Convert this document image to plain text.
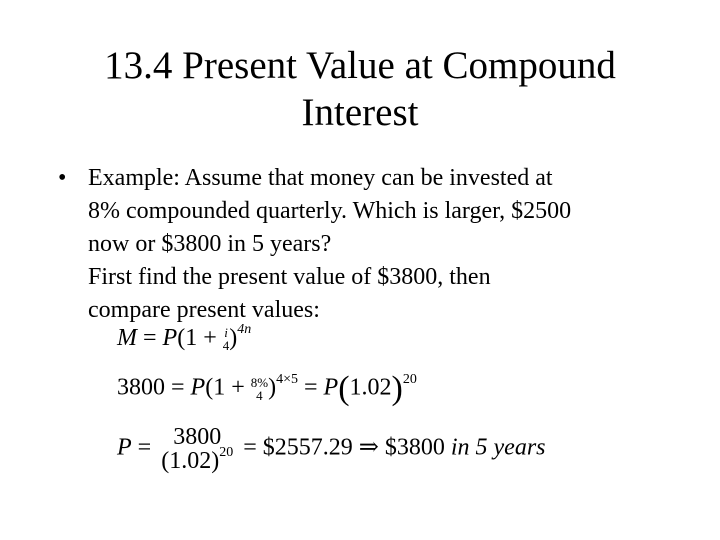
13.4 Present Value at Compound
Interest
• Example: Assume that money can be invested at
8% compounded quarterly. Which is larger, $2500
now or $3800 in 5 years?
First find the present value of $3800, then
compare present values:
M = P(1 + i
4 )$^{4n}$
3800 = P(1 + 8%
4 )$^{4\times 5} = P(1.02)^{20}$
P = 3800
$(1.02)^{20}$ = $2557.29 ⇒ $3800 in 5 years
